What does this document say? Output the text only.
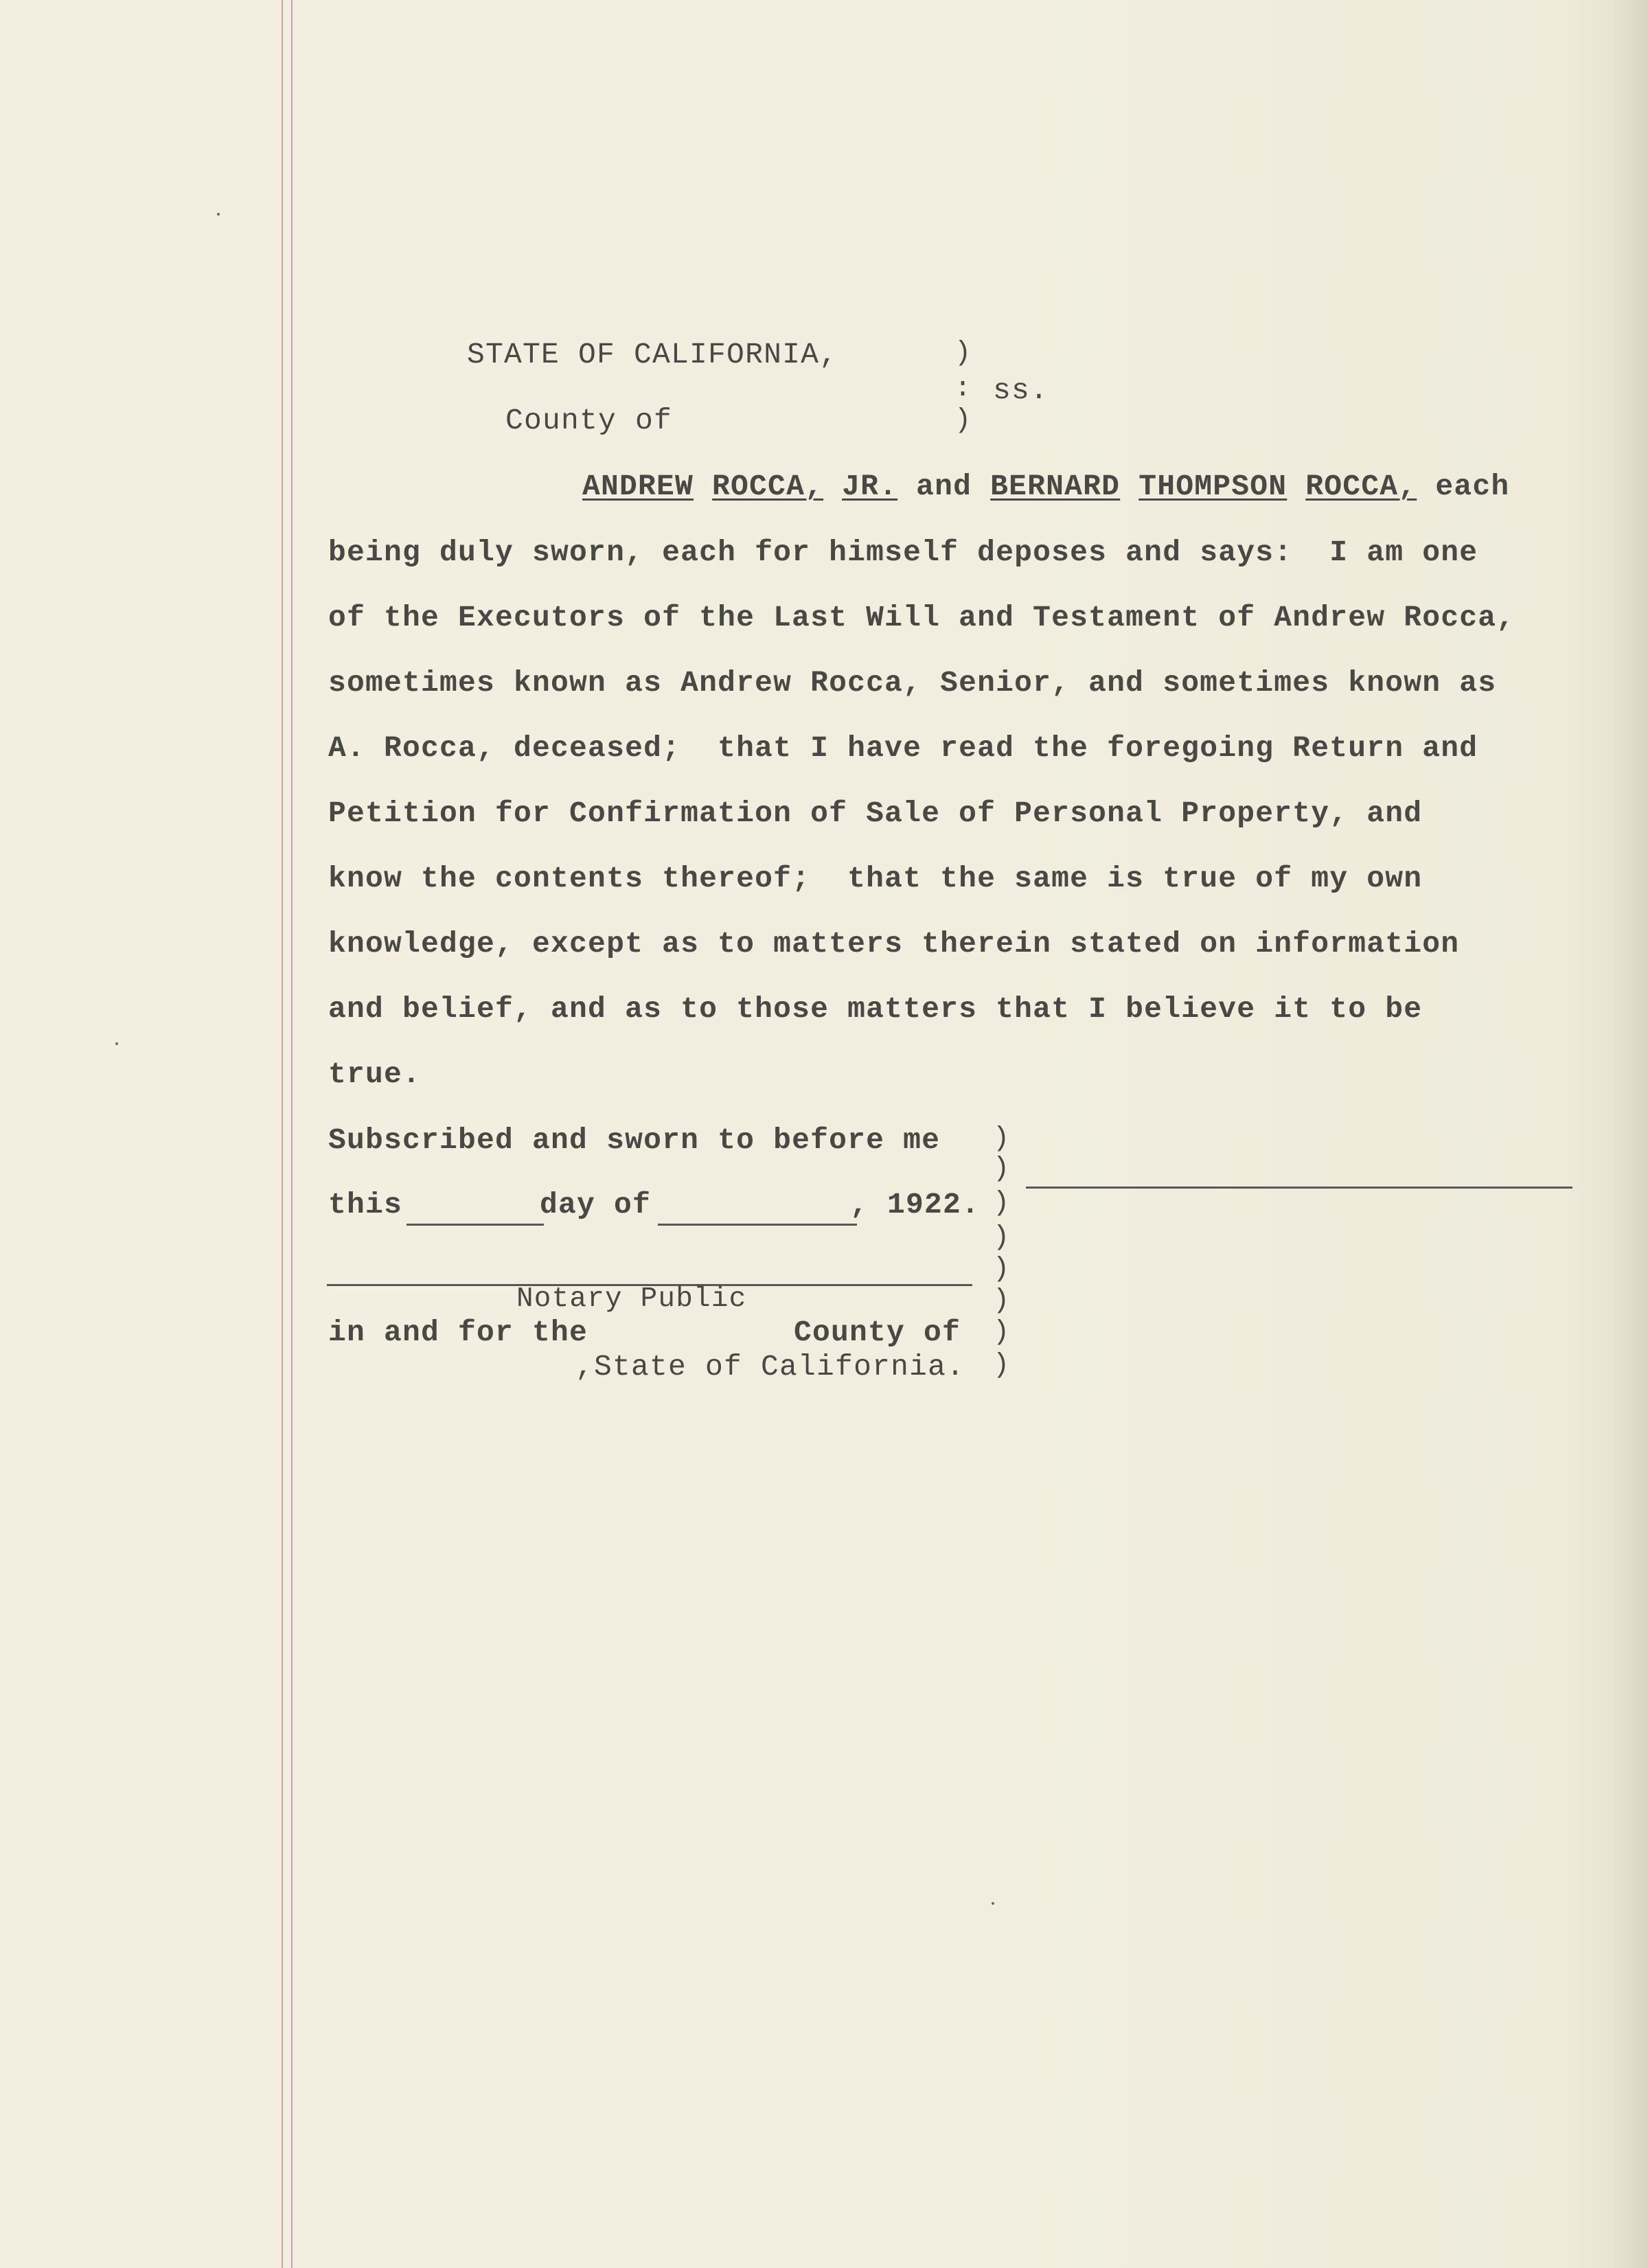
STATE OF CALIFORNIA,
County of
)
:
)
ss.
ANDREW ROCCA, JR. and BERNARD THOMPSON ROCCA, each
being duly sworn, each for himself deposes and says:  I am one
of the Executors of the Last Will and Testament of Andrew Rocca,
sometimes known as Andrew Rocca, Senior, and sometimes known as
A. Rocca, deceased;  that I have read the foregoing Return and
Petition for Confirmation of Sale of Personal Property, and
know the contents thereof;  that the same is true of my own
knowledge, except as to matters therein stated on information
and belief, and as to those matters that I believe it to be
true.
Subscribed and sworn to before me
this	day of	, 1922.
Notary Public
in and for the	County of
,State of California.
)
)
)
)
)
)
)
)
